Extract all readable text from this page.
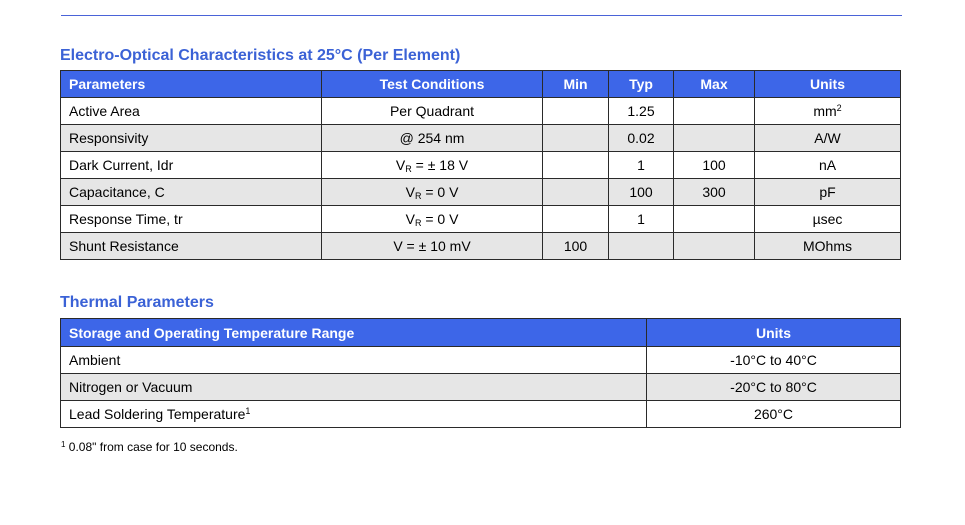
Electro-Optical Characteristics at 25°C (Per Element)
Parameters	Test Conditions	Min	Typ	Max	Units
Active Area	Per Quadrant		1.25		$mm^2$
Responsivity	@ 254 nm		0.02		A/W
Dark Current, Idr	$V_R$ = ± 18 V		1	100	nA
Capacitance, C	$V_R = 0$ V		100	300	pF
Response Time, tr	$V_R = 0$ V		1		µsec
Shunt Resistance	V = ± 10 mV	100			MOhms
Thermal Parameters
Storage and Operating Temperature Range	Units
Ambient	-10°C to 40°C
Nitrogen or Vacuum	-20°C to 80°C
Lead Soldering Temperature$^1$	260°C
$^1$ 0.08" from case for 10 seconds.
